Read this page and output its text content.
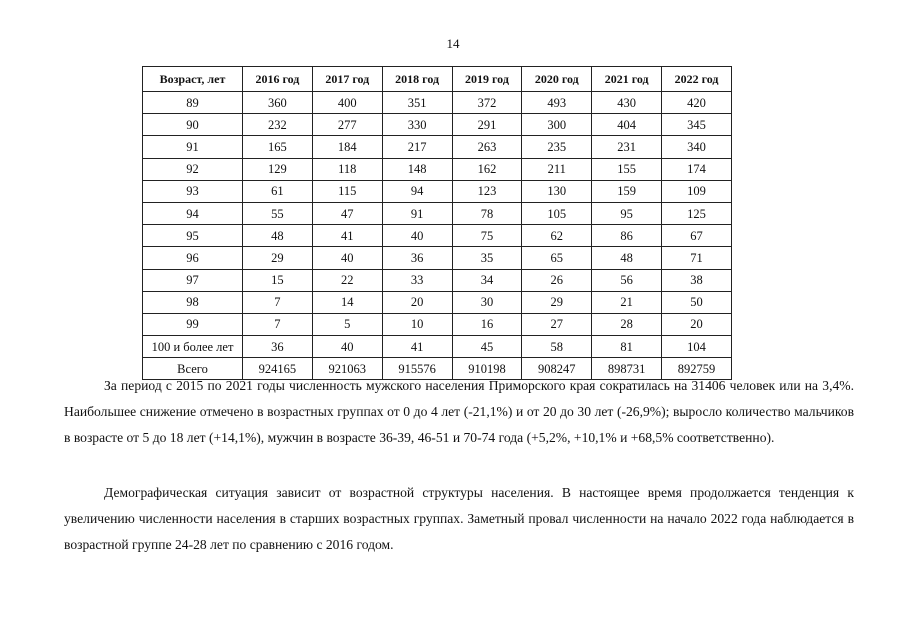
14
Возраст, лет	2016 год	2017 год	2018 год	2019 год	2020 год	2021 год	2022 год
89	360	400	351	372	493	430	420
90	232	277	330	291	300	404	345
91	165	184	217	263	235	231	340
92	129	118	148	162	211	155	174
93	61	115	94	123	130	159	109
94	55	47	91	78	105	95	125
95	48	41	40	75	62	86	67
96	29	40	36	35	65	48	71
97	15	22	33	34	26	56	38
98	7	14	20	30	29	21	50
99	7	5	10	16	27	28	20
100 и более лет	36	40	41	45	58	81	104
Всего	924165	921063	915576	910198	908247	898731	892759

За период с 2015 по 2021 годы численность мужского населения Приморского края сократилась на 31406 человек или на 3,4%. Наибольшее снижение отмечено в возрастных группах от 0 до 4 лет (-21,1%) и от 20 до 30 лет (-26,9%); выросло количество мальчиков в возрасте от 5 до 18 лет (+14,1%), мужчин в возрасте 36-39, 46-51 и 70-74 года (+5,2%, +10,1% и +68,5% соответственно).

Демографическая ситуация зависит от возрастной структуры населения. В настоящее время продолжается тенденция к увеличению численности населения в старших возрастных группах. Заметный провал численности на начало 2022 года наблюдается в возрастной группе 24-28 лет по сравнению с 2016 годом.
